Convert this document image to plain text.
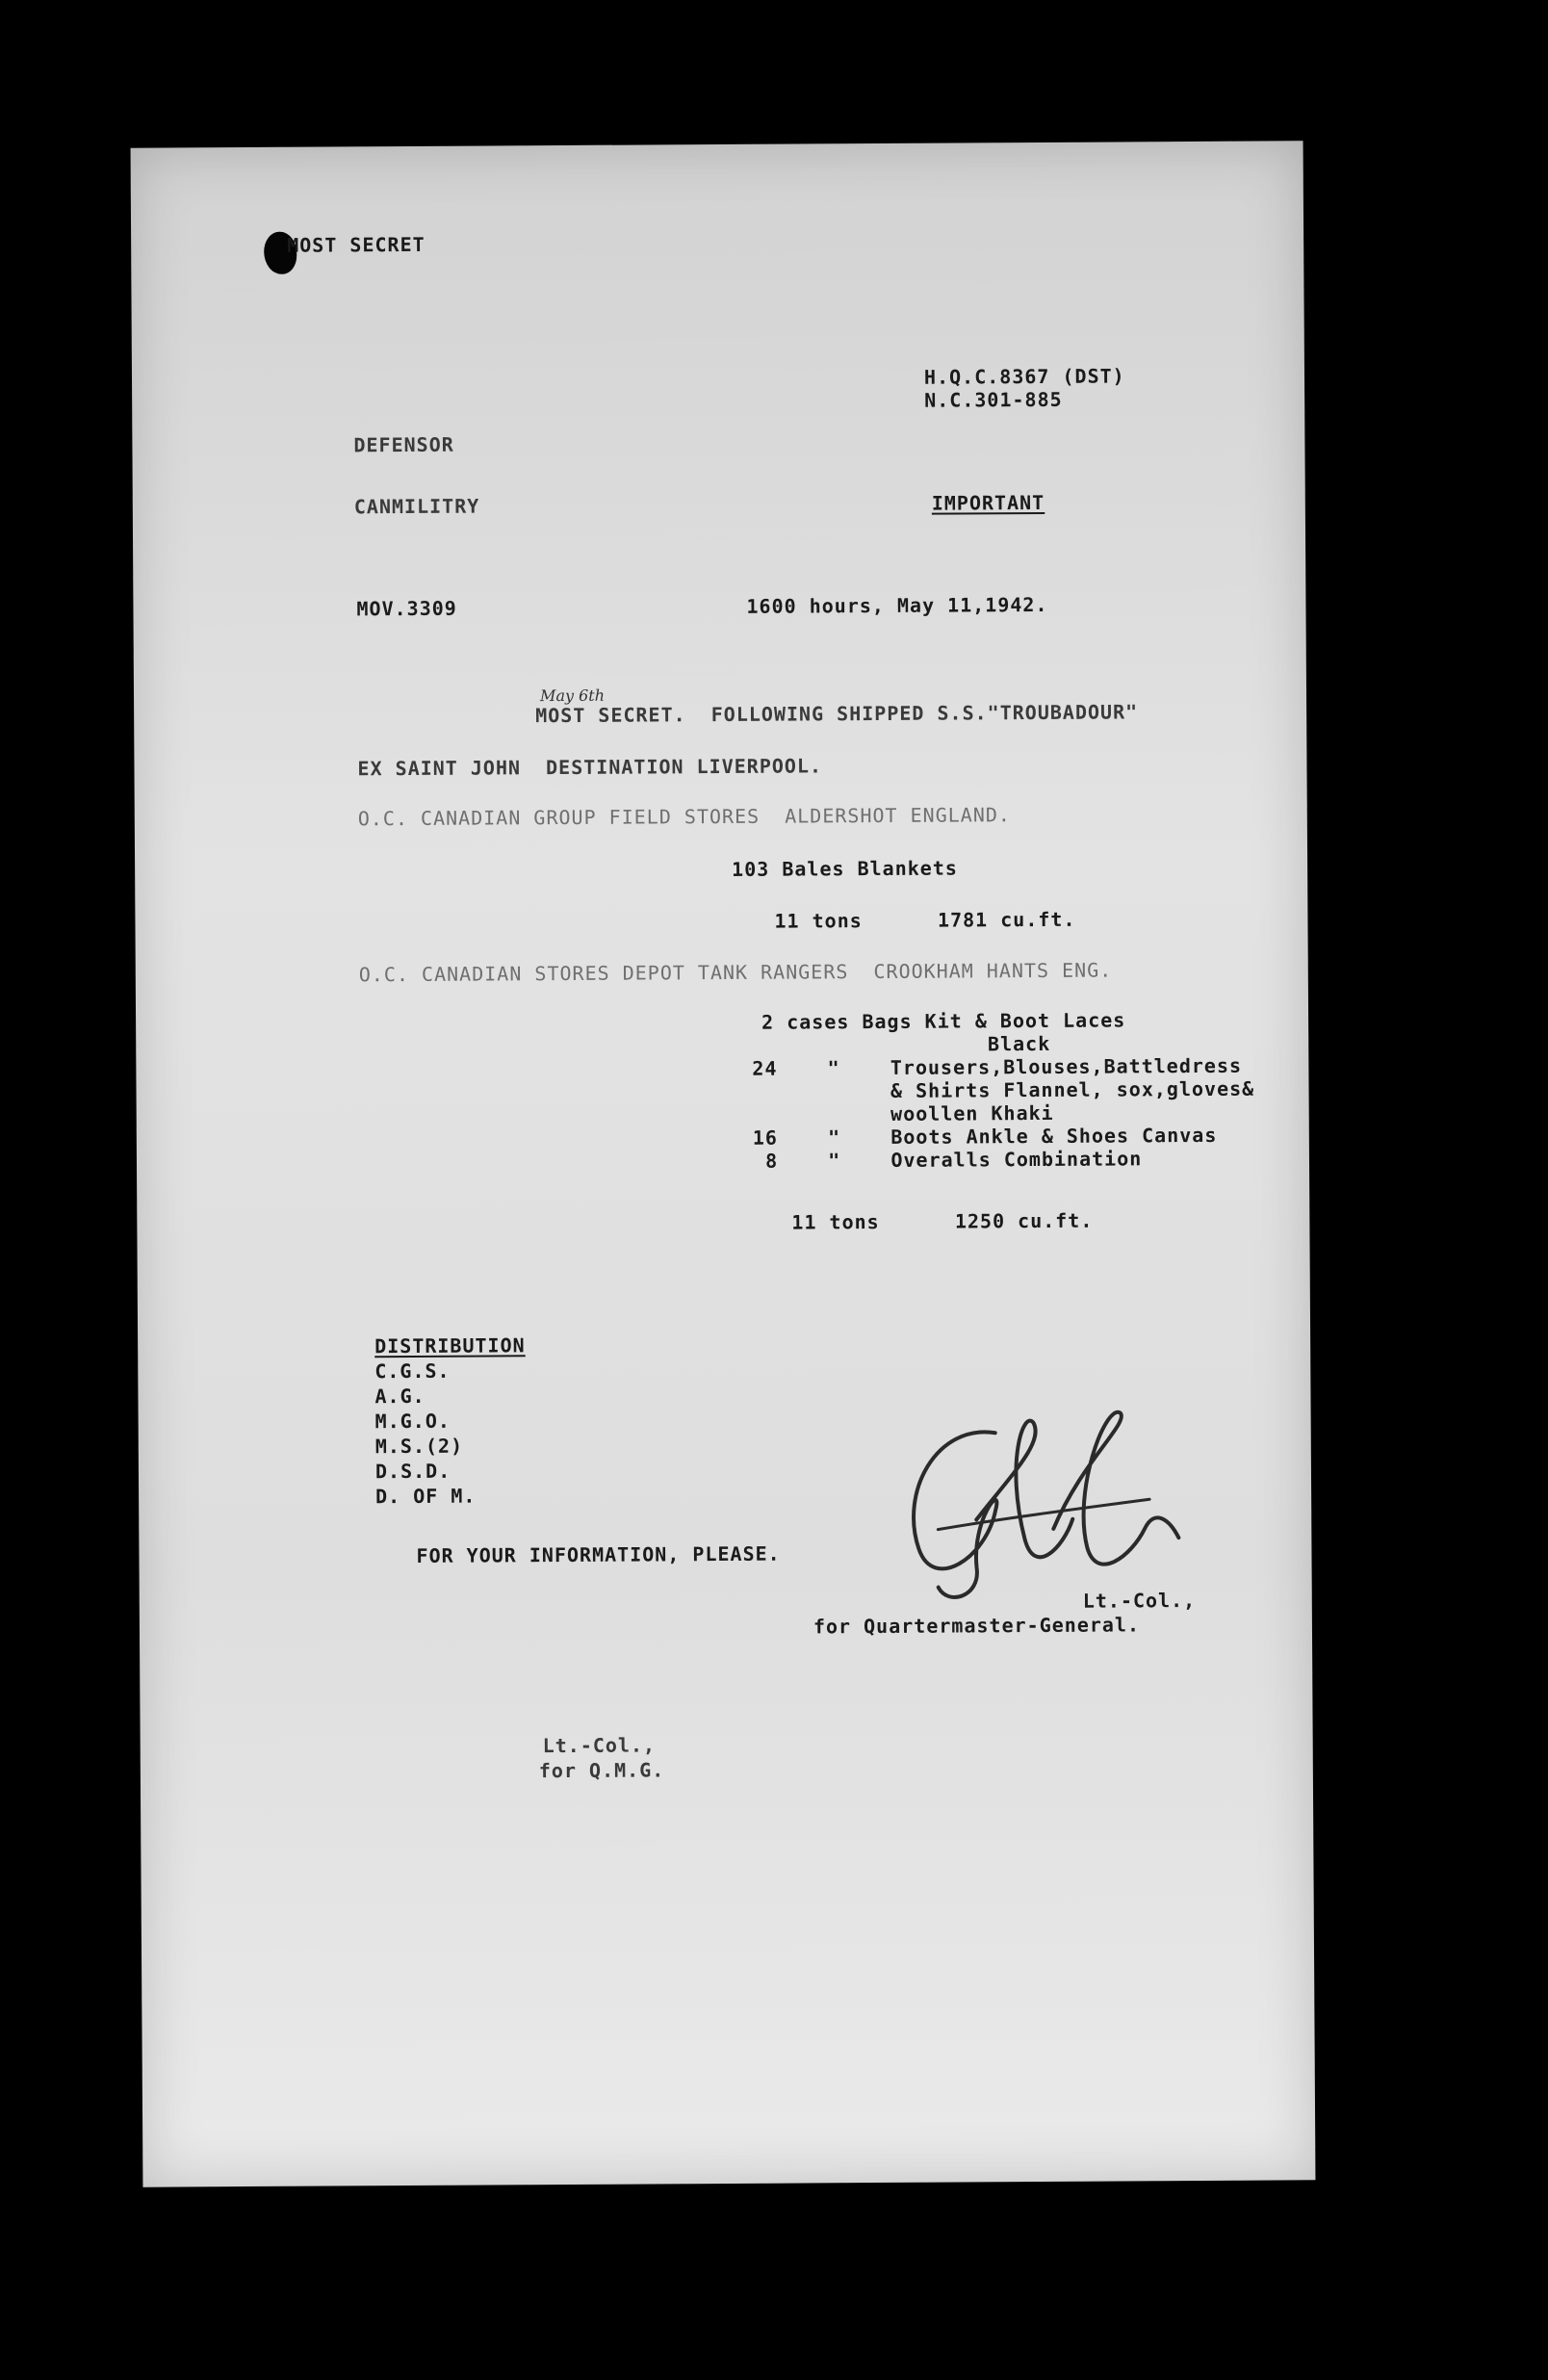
MOST SECRET
H.Q.C.8367 (DST)
N.C.301-885
DEFENSOR
CANMILITRY	IMPORTANT
MOV.3309	1600 hours, May 11,1942.
May 6th
MOST SECRET.  FOLLOWING SHIPPED S.S."TROUBADOUR"
EX SAINT JOHN  DESTINATION LIVERPOOL.
O.C. CANADIAN GROUP FIELD STORES  ALDERSHOT ENGLAND.
103 Bales Blankets
11 tons      1781 cu.ft.
O.C. CANADIAN STORES DEPOT TANK RANGERS  CROOKHAM HANTS ENG.
2 cases Bags Kit & Boot Laces
Black
24    "    Trousers,Blouses,Battledress
& Shirts Flannel, sox,gloves&
woollen Khaki
16    "    Boots Ankle & Shoes Canvas
8    "    Overalls Combination
11 tons      1250 cu.ft.
DISTRIBUTION
C.G.S.
A.G.
M.G.O.
M.S.(2)
D.S.D.
D. OF M.
FOR YOUR INFORMATION, PLEASE.
Lt.-Col.,
for Quartermaster-General.
Lt.-Col.,
for Q.M.G.
